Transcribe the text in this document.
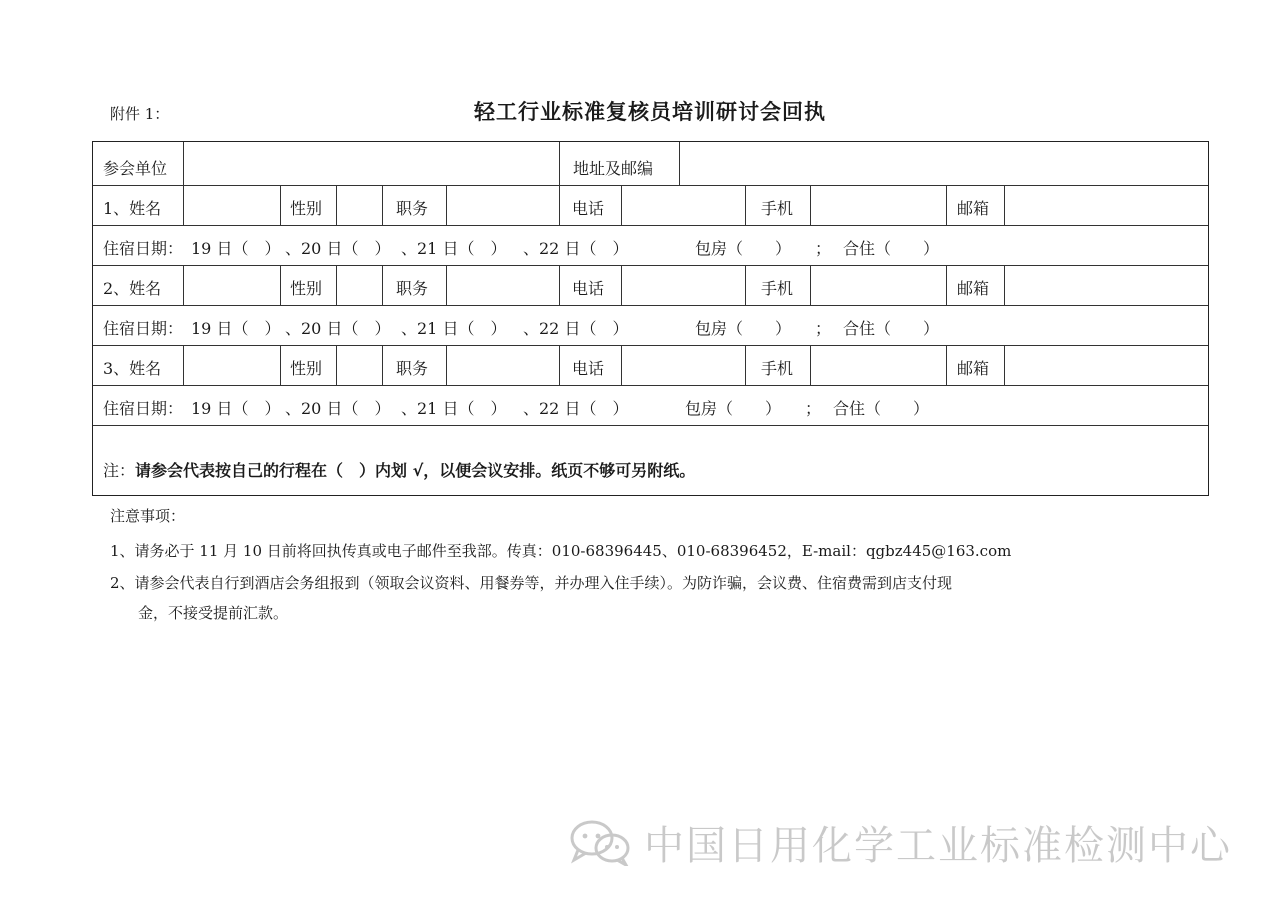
附件 1：	轻工行业标准复核员培训研讨会回执
参会单位	地址及邮编
1、姓名	性别	职务	电话	手机	邮箱
住宿日期： 19 日（　） 、20 日（　） 、21 日（　） 、22 日（　）	包房（　　） ； 合住（　　）
2、姓名	性别	职务	电话	手机	邮箱
住宿日期： 19 日（　） 、20 日（　） 、21 日（　） 、22 日（　）	包房（　　） ； 合住（　　）
3、姓名	性别	职务	电话	手机	邮箱
住宿日期： 19 日（　） 、20 日（　） 、21 日（　） 、22 日（　）	包房（　　） ； 合住（　　）
注：请参会代表按自己的行程在（　）内划 √，以便会议安排。纸页不够可另附纸。
注意事项：
1、请务必于 11 月 10 日前将回执传真或电子邮件至我部。传真：010-68396445、010-68396452，E-mail：qgbz445@163.com
2、请参会代表自行到酒店会务组报到（领取会议资料、用餐券等，并办理入住手续）。为防诈骗，会议费、住宿费需到店支付现
金，不接受提前汇款。
中国日用化学工业标准检测中心
